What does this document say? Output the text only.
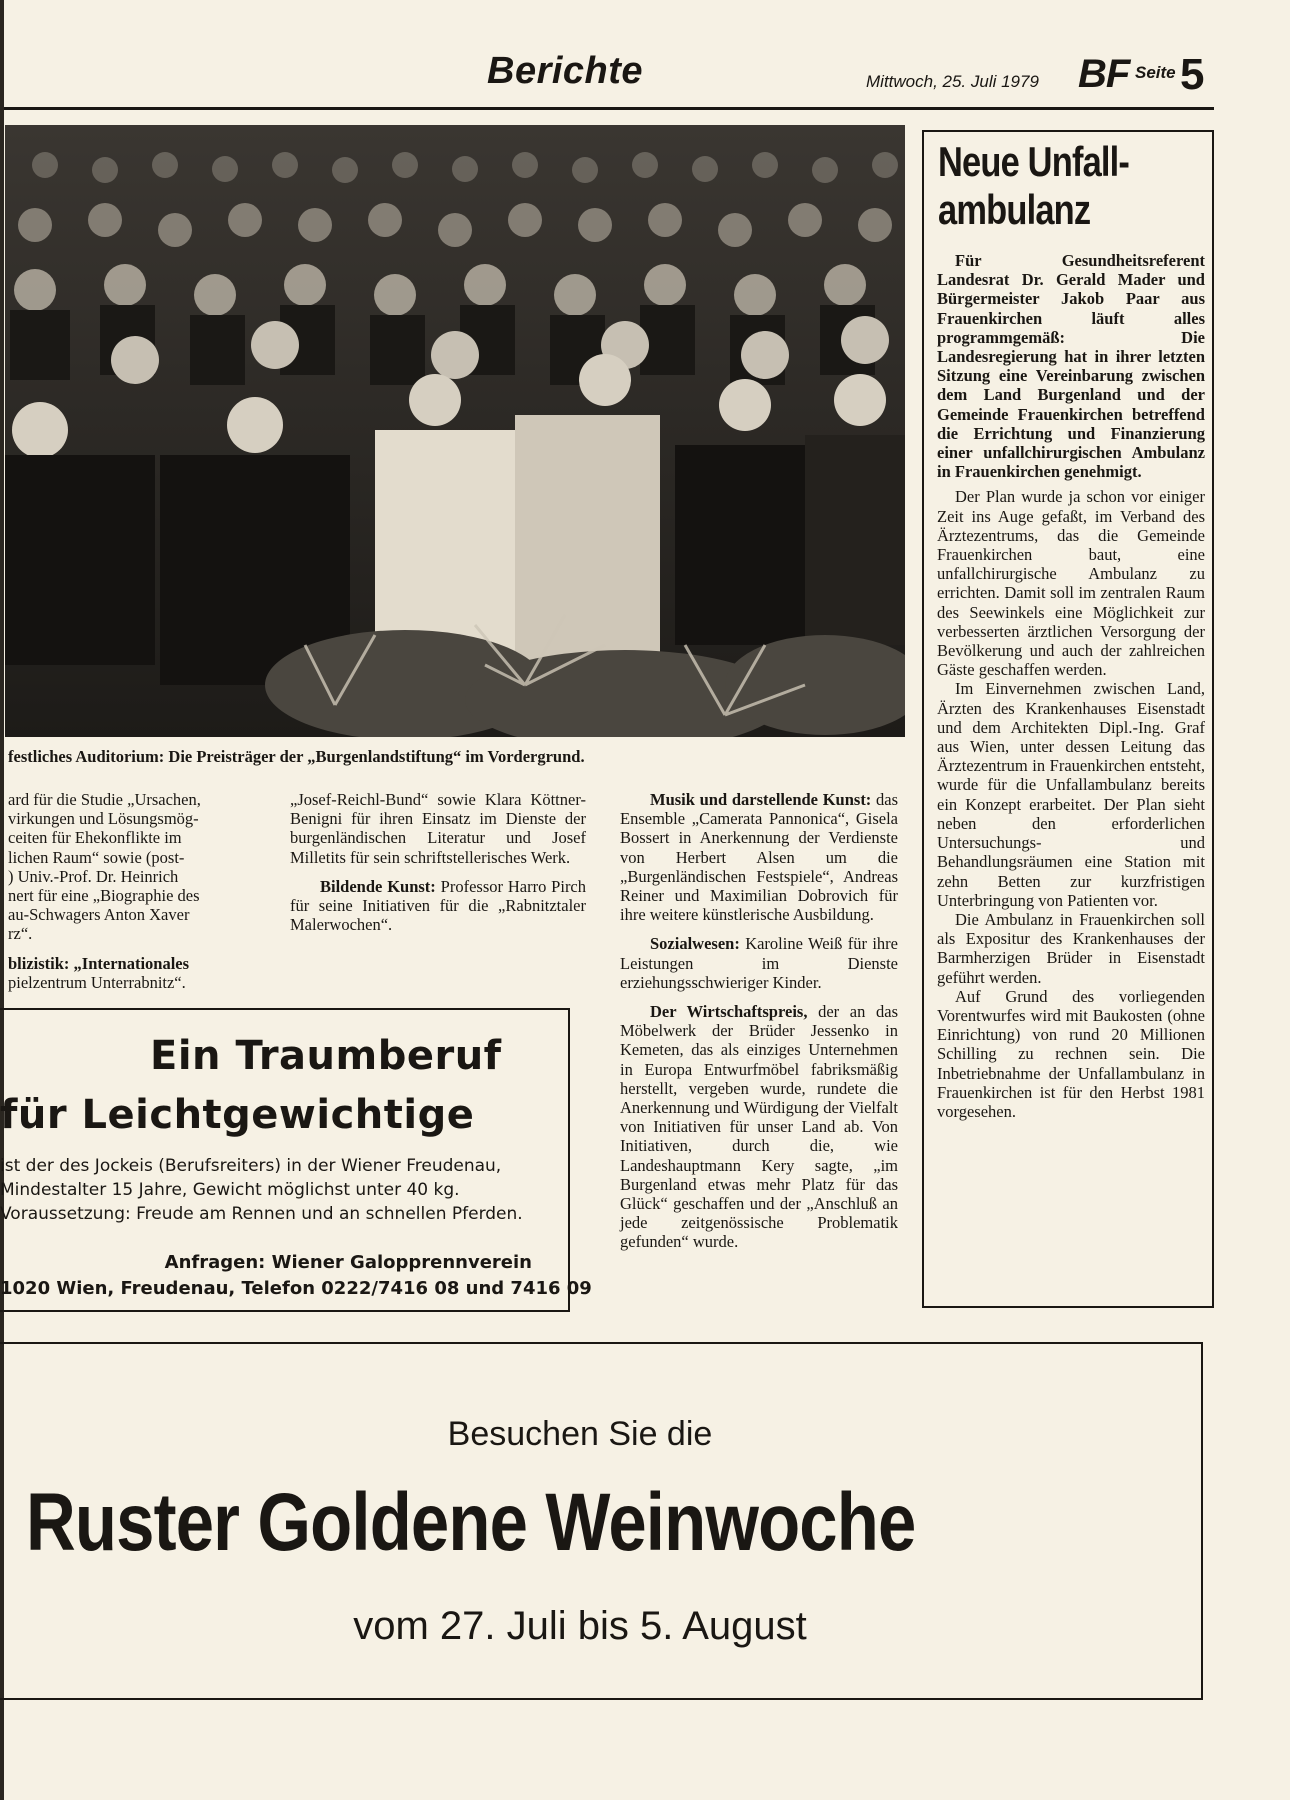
Berichte	Mittwoch, 25. Juli 1979 BF Seite 5
festliches Auditorium: Die Preisträger der „Burgenlandstiftung“ im Vordergrund.

ard für die Studie „Ursachen,

virkungen und Lösungsmög-

ceiten für Ehekonflikte im

lichen Raum“ sowie (post-

) Univ.-Prof. Dr. Heinrich

nert für eine „Biographie des

au-Schwagers Anton Xaver

rz“.

blizistik: „Internationales

pielzentrum Unterrabnitz“.

„Josef-Reichl-Bund“ sowie Klara Köttner-Benigni für ihren Einsatz im Dienste der burgenländischen Literatur und Josef Milletits für sein schriftstellerisches Werk.

Bildende Kunst: Professor Harro Pirch für seine Initiativen für die „Rabnitztaler Malerwochen“.

Musik und darstellende Kunst: das Ensemble „Camerata Pannonica“, Gisela Bossert in Anerkennung der Verdienste von Herbert Alsen um die „Burgenländischen Festspiele“, Andreas Reiner und Maximilian Dobrovich für ihre weitere künstlerische Ausbildung.

Sozialwesen: Karoline Weiß für ihre Leistungen im Dienste erziehungsschwieriger Kinder.

Der Wirtschaftspreis, der an das Möbelwerk der Brüder Jessenko in Kemeten, das als einziges Unternehmen in Europa Entwurfmöbel fabriksmäßig herstellt, vergeben wurde, rundete die Anerkennung und Würdigung der Vielfalt von Initiativen für unser Land ab. Von Initiativen, durch die, wie Landeshauptmann Kery sagte, „im Burgenland etwas mehr Platz für das Glück“ geschaffen und der „Anschluß an jede zeitgenössische Problematik gefunden“ wurde.

Neue Unfall-
ambulanz

Für Gesundheitsreferent Landesrat Dr. Gerald Mader und Bürgermeister Jakob Paar aus Frauenkirchen läuft alles programmgemäß: Die Landesregierung hat in ihrer letzten Sitzung eine Vereinbarung zwischen dem Land Burgenland und der Gemeinde Frauenkirchen betreffend die Errichtung und Finanzierung einer unfallchirurgischen Ambulanz in Frauenkirchen genehmigt.

Der Plan wurde ja schon vor einiger Zeit ins Auge gefaßt, im Verband des Ärztezentrums, das die Gemeinde Frauenkirchen baut, eine unfallchirurgische Ambulanz zu errichten. Damit soll im zentralen Raum des Seewinkels eine Möglichkeit zur verbesserten ärztlichen Versorgung der Bevölkerung und auch der zahlreichen Gäste geschaffen werden.

Im Einvernehmen zwischen Land, Ärzten des Krankenhauses Eisenstadt und dem Architekten Dipl.-Ing. Graf aus Wien, unter dessen Leitung das Ärztezentrum in Frauenkirchen entsteht, wurde für die Unfallambulanz bereits ein Konzept erarbeitet. Der Plan sieht neben den erforderlichen Untersuchungs- und Behandlungsräumen eine Station mit zehn Betten zur kurzfristigen Unterbringung von Patienten vor.

Die Ambulanz in Frauenkirchen soll als Expositur des Krankenhauses der Barmherzigen Brüder in Eisenstadt geführt werden.

Auf Grund des vorliegenden Vorentwurfes wird mit Baukosten (ohne Einrichtung) von rund 20 Millionen Schilling zu rechnen sein. Die Inbetriebnahme der Unfallambulanz in Frauenkirchen ist für den Herbst 1981 vorgesehen.

Ein Traumberuf
für Leichtgewichtige

ist der des Jockeis (Berufsreiters) in der Wiener Freudenau,

Mindestalter 15 Jahre, Gewicht möglichst unter 40 kg.

Voraussetzung: Freude am Rennen und an schnellen Pferden.

Anfragen: Wiener Galopprennverein

1020 Wien, Freudenau, Telefon 0222/7416 08 und 7416 09

Besuchen Sie die
Ruster Goldene Weinwoche
vom 27. Juli bis 5. August
